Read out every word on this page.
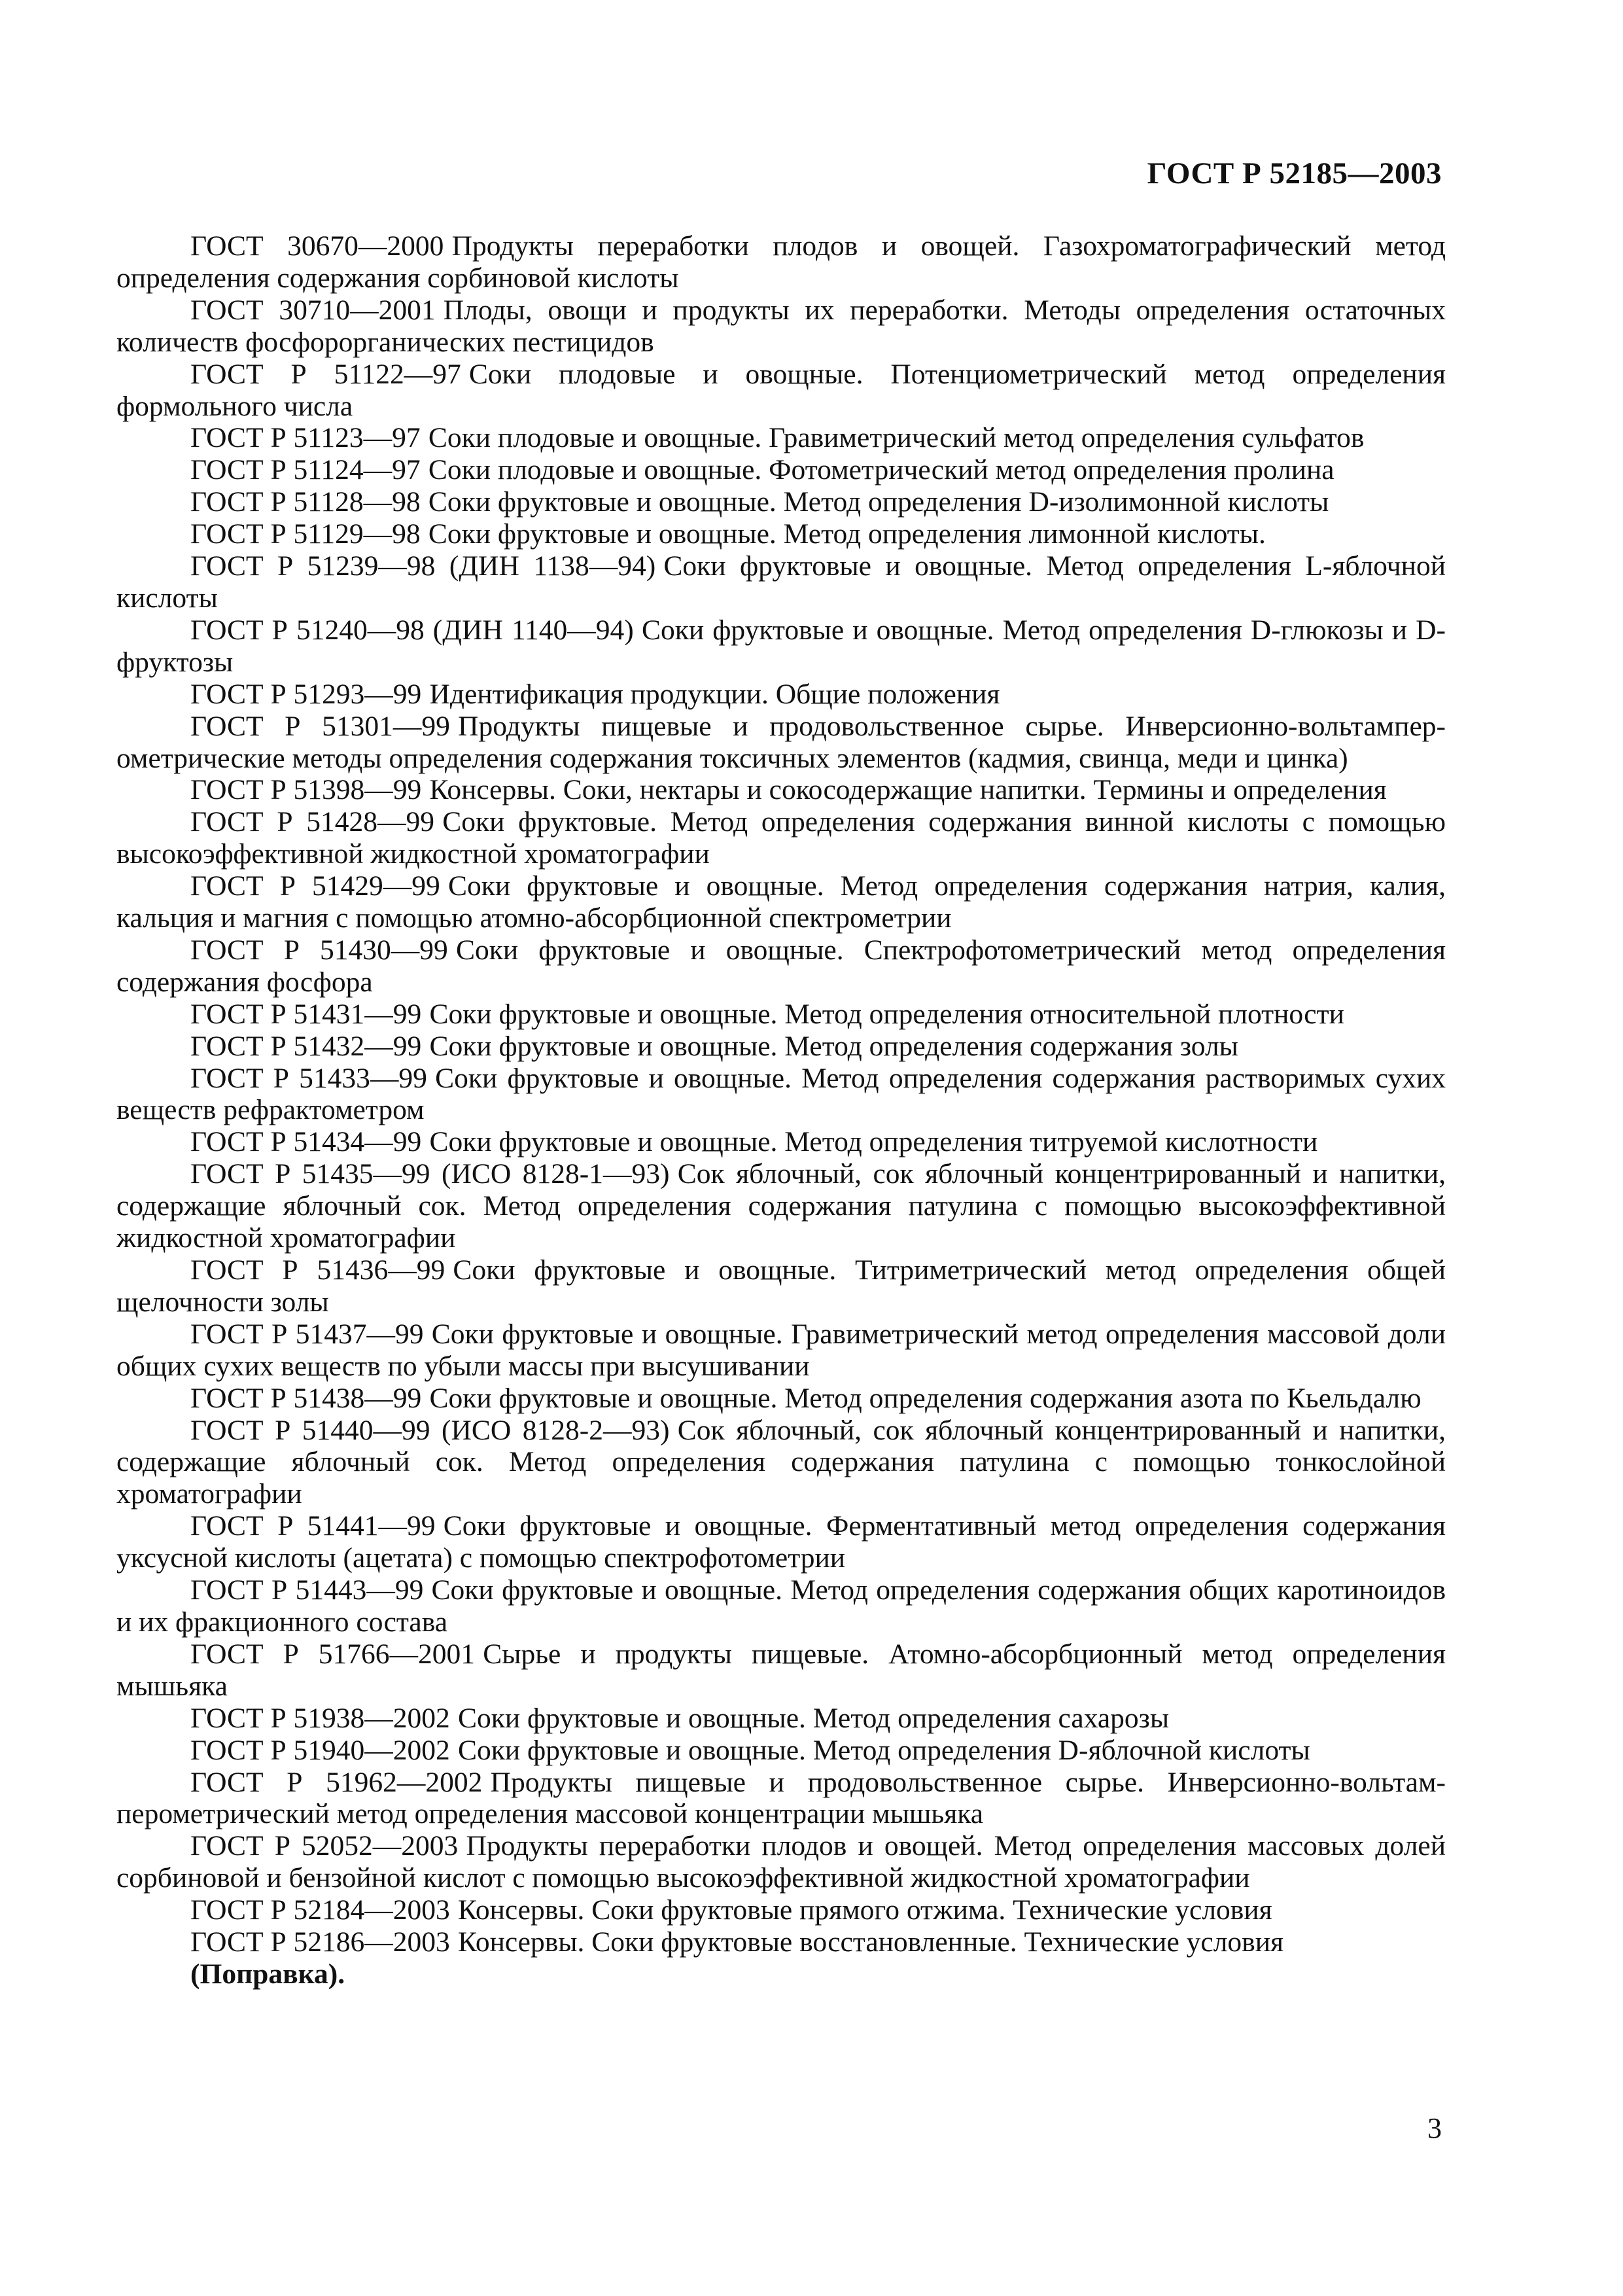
ГОСТ Р 52185—2003

ГОСТ 30670—2000 Продукты переработки плодов и овощей. Газохроматографический метод определения содержания сорбиновой кислоты

ГОСТ 30710—2001 Плоды, овощи и продукты их переработки. Методы определения остаточных количеств фосфорорганических пестицидов

ГОСТ Р 51122—97 Соки плодовые и овощные. Потенциометрический метод определения формольного числа

ГОСТ Р 51123—97 Соки плодовые и овощные. Гравиметрический метод определения сульфатов

ГОСТ Р 51124—97 Соки плодовые и овощные. Фотометрический метод определения пролина

ГОСТ Р 51128—98 Соки фруктовые и овощные. Метод определения D-изолимонной кислоты

ГОСТ Р 51129—98 Соки фруктовые и овощные. Метод определения лимонной кислоты.

ГОСТ Р 51239—98 (ДИН 1138—94) Соки фруктовые и овощные. Метод определения L-яблочной кислоты

ГОСТ Р 51240—98 (ДИН 1140—94) Соки фруктовые и овощные. Метод определения D-глюкозы и D-фруктозы

ГОСТ Р 51293—99 Идентификация продукции. Общие положения

ГОСТ Р 51301—99 Продукты пищевые и продовольственное сырье. Инверсионно-вольтамперометрические методы определения содержания токсичных элементов (кадмия, свинца, меди и цинка)

ГОСТ Р 51398—99 Консервы. Соки, нектары и сокосодержащие напитки. Термины и определения

ГОСТ Р 51428—99 Соки фруктовые. Метод определения содержания винной кислоты с помощью высокоэффективной жидкостной хроматографии

ГОСТ Р 51429—99 Соки фруктовые и овощные. Метод определения содержания натрия, калия, кальция и магния с помощью атомно-абсорбционной спектрометрии

ГОСТ Р 51430—99 Соки фруктовые и овощные. Спектрофотометрический метод определения содержания фосфора

ГОСТ Р 51431—99 Соки фруктовые и овощные. Метод определения относительной плотности

ГОСТ Р 51432—99 Соки фруктовые и овощные. Метод определения содержания золы

ГОСТ Р 51433—99 Соки фруктовые и овощные. Метод определения содержания растворимых сухих веществ рефрактометром

ГОСТ Р 51434—99 Соки фруктовые и овощные. Метод определения титруемой кислотности

ГОСТ Р 51435—99 (ИСО 8128-1—93) Сок яблочный, сок яблочный концентрированный и напитки, содержащие яблочный сок. Метод определения содержания патулина с помощью высокоэффективной жидкостной хроматографии

ГОСТ Р 51436—99 Соки фруктовые и овощные. Титриметрический метод определения общей щелочности золы

ГОСТ Р 51437—99 Соки фруктовые и овощные. Гравиметрический метод определения массовой доли общих сухих веществ по убыли массы при высушивании

ГОСТ Р 51438—99 Соки фруктовые и овощные. Метод определения содержания азота по Кьельдалю

ГОСТ Р 51440—99 (ИСО 8128-2—93) Сок яблочный, сок яблочный концентрированный и напитки, содержащие яблочный сок. Метод определения содержания патулина с помощью тонкослойной хроматографии

ГОСТ Р 51441—99 Соки фруктовые и овощные. Ферментативный метод определения содержания уксусной кислоты (ацетата) с помощью спектрофотометрии

ГОСТ Р 51443—99 Соки фруктовые и овощные. Метод определения содержания общих каротиноидов и их фракционного состава

ГОСТ Р 51766—2001 Сырье и продукты пищевые. Атомно-абсорбционный метод определения мышьяка

ГОСТ Р 51938—2002 Соки фруктовые и овощные. Метод определения сахарозы

ГОСТ Р 51940—2002 Соки фруктовые и овощные. Метод определения D-яблочной кислоты

ГОСТ Р 51962—2002 Продукты пищевые и продовольственное сырье. Инверсионно-вольтамперометрический метод определения массовой концентрации мышьяка

ГОСТ Р 52052—2003 Продукты переработки плодов и овощей. Метод определения массовых долей сорбиновой и бензойной кислот с помощью высокоэффективной жидкостной хроматографии

ГОСТ Р 52184—2003 Консервы. Соки фруктовые прямого отжима. Технические условия

ГОСТ Р 52186—2003 Консервы. Соки фруктовые восстановленные. Технические условия

(Поправка).

3
